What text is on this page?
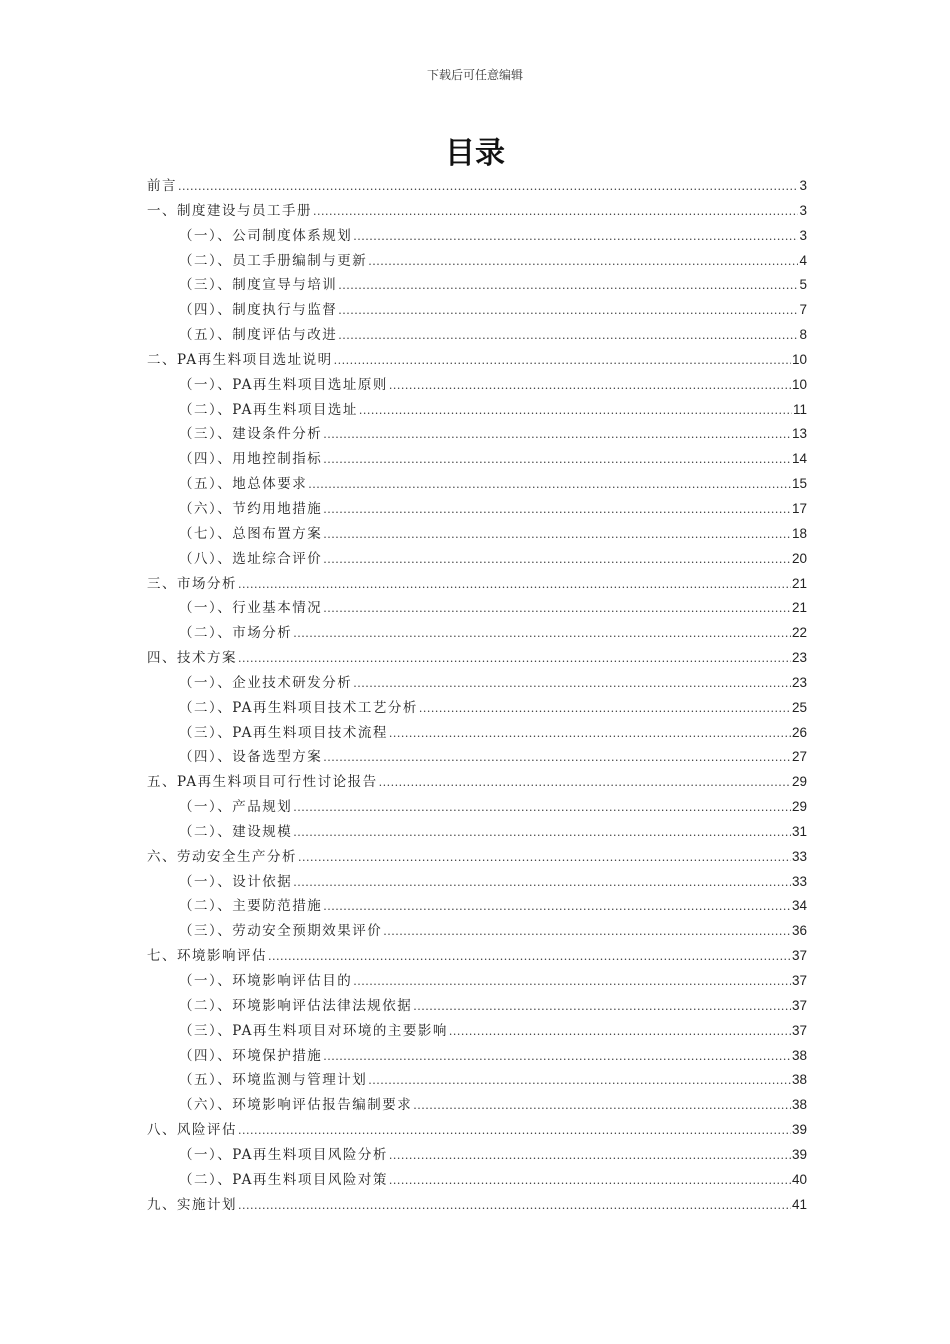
下载后可任意编辑
目录
前言 .....	3
一、制度建设与员工手册 .....	3
（一）、公司制度体系规划 .....	3
（二）、员工手册编制与更新 .....	4
（三）、制度宣导与培训 .....	5
（四）、制度执行与监督 .....	7
（五）、制度评估与改进 .....	8
二、PA再生料项目选址说明 .....	10
（一）、PA再生料项目选址原则 .....	10
（二）、PA再生料项目选址 .....	11
（三）、建设条件分析 .....	13
（四）、用地控制指标 .....	14
（五）、地总体要求 .....	15
（六）、节约用地措施 .....	17
（七）、总图布置方案 .....	18
（八）、选址综合评价 .....	20
三、市场分析 .....	21
（一）、行业基本情况 .....	21
（二）、市场分析 .....	22
四、技术方案 .....	23
（一）、企业技术研发分析 .....	23
（二）、PA再生料项目技术工艺分析 .....	25
（三）、PA再生料项目技术流程 .....	26
（四）、设备选型方案 .....	27
五、PA再生料项目可行性讨论报告 .....	29
（一）、产品规划 .....	29
（二）、建设规模 .....	31
六、劳动安全生产分析 .....	33
（一）、设计依据 .....	33
（二）、主要防范措施 .....	34
（三）、劳动安全预期效果评价 .....	36
七、环境影响评估 .....	37
（一）、环境影响评估目的 .....	37
（二）、环境影响评估法律法规依据 .....	37
（三）、PA再生料项目对环境的主要影响 .....	37
（四）、环境保护措施 .....	38
（五）、环境监测与管理计划 .....	38
（六）、环境影响评估报告编制要求 .....	38
八、风险评估 .....	39
（一）、PA再生料项目风险分析 .....	39
（二）、PA再生料项目风险对策 .....	40
九、实施计划 .....	41
